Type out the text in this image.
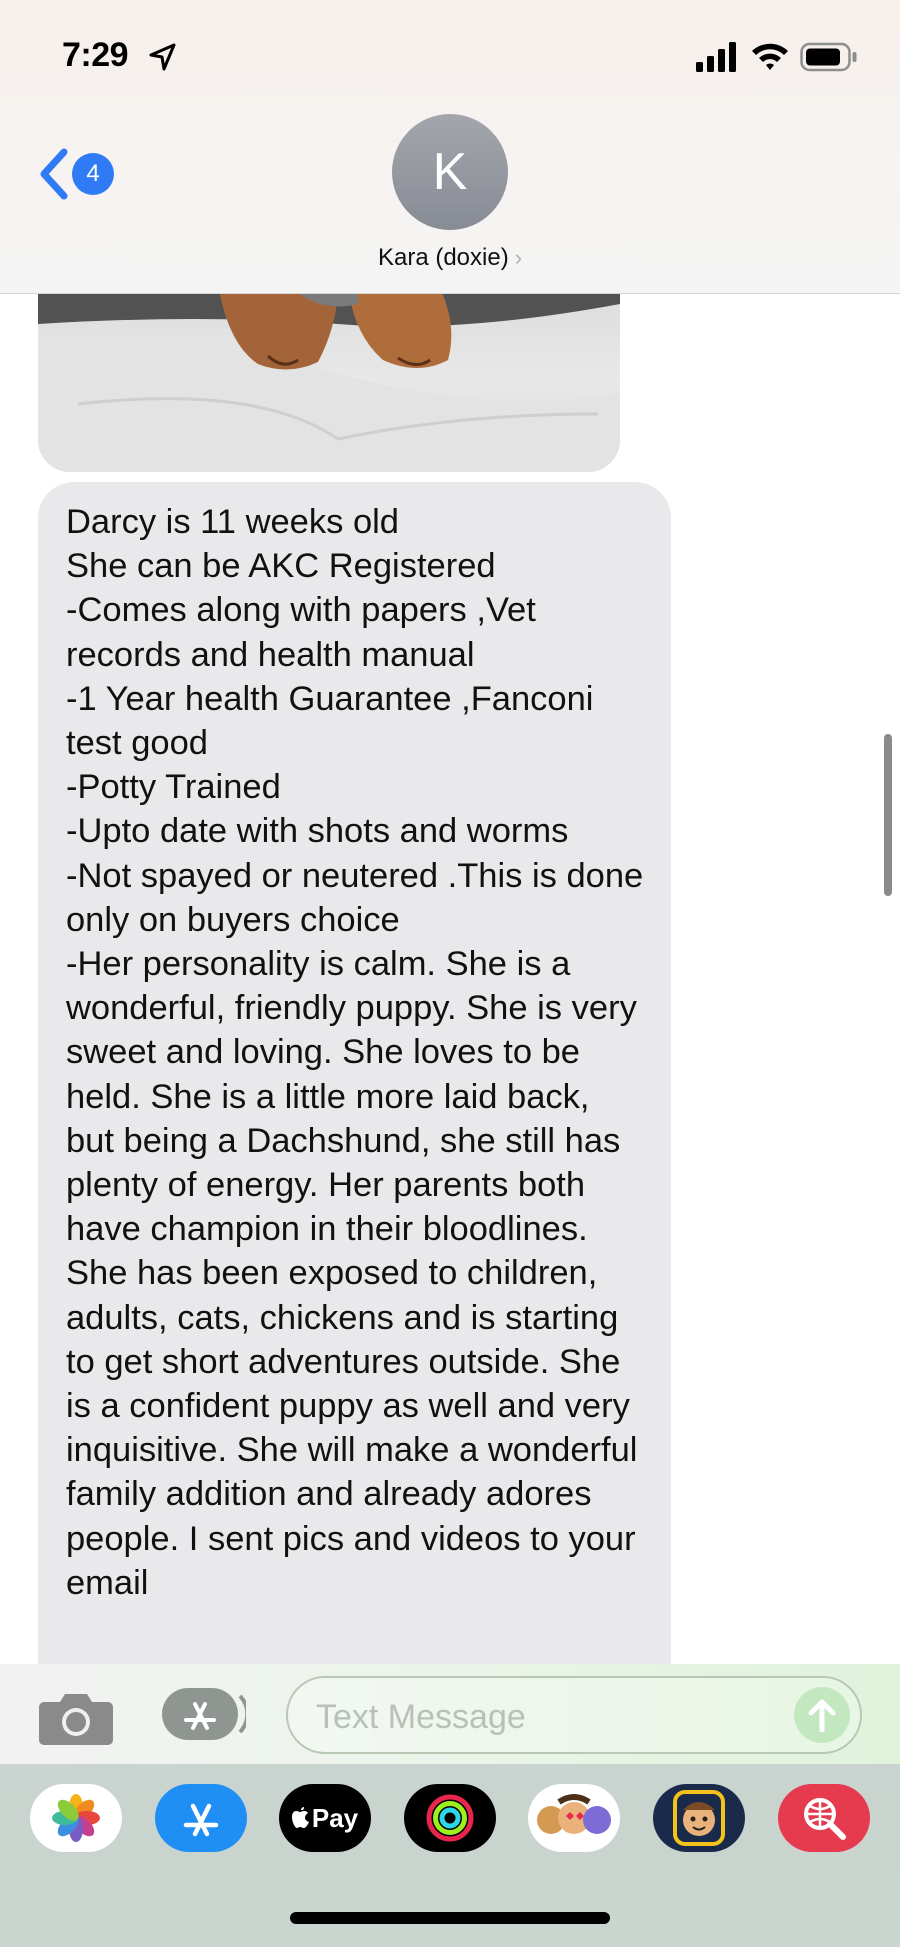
7:29
4	K
Kara (doxie) ›
Darcy is 11 weeks old
She can be AKC Registered
-Comes along with papers ,Vet records and health manual
-1 Year health Guarantee ,Fanconi test good
-Potty Trained
-Upto date with shots and worms
-Not spayed or neutered .This is done only on buyers choice
-Her personality is calm. She is a wonderful, friendly puppy. She is very sweet and loving. She loves to be held. She is a little more laid back, but being a Dachshund, she still has plenty of energy. Her parents both have champion in their bloodlines. She has been exposed to children, adults, cats, chickens and is starting to get short adventures outside. She is a confident puppy as well and very inquisitive. She will make a wonderful family addition and already adores people. I sent pics and videos to your email
Text Message
Pay
